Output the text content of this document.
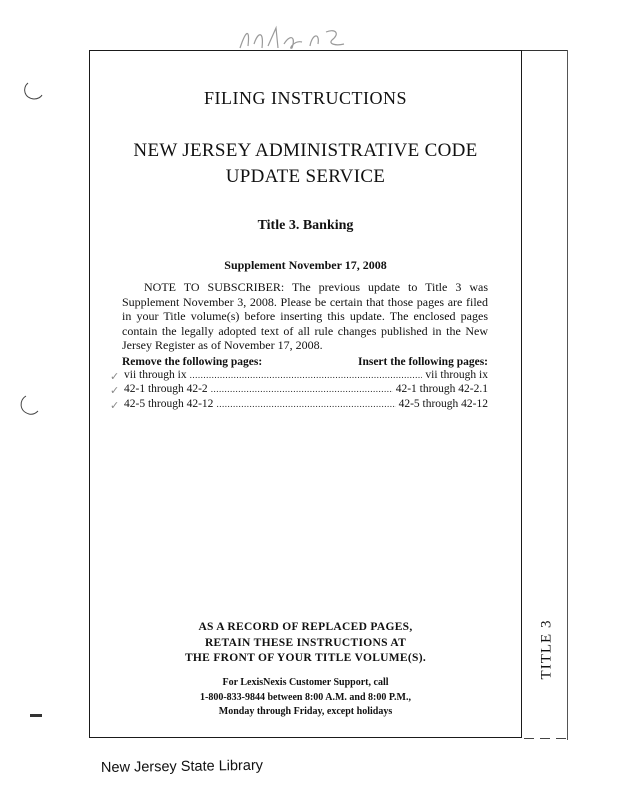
TITLE 3
FILING INSTRUCTIONS
NEW JERSEY ADMINISTRATIVE CODE
UPDATE SERVICE
Title 3. Banking
Supplement November 17, 2008
NOTE TO SUBSCRIBER: The previous update to Title 3 was Supplement November 3, 2008. Please be certain that those pages are filed in your Title volume(s) before inserting this update. The enclosed pages contain the legally adopted text of all rule changes published in the New Jersey Register as of November 17, 2008.
Remove the following pages:	Insert the following pages:
✓ vii through ix .....	vii through ix
✓ 42-1 through 42-2 .....	42-1 through 42-2.1
✓ 42-5 through 42-12 .....	42-5 through 42-12
AS A RECORD OF REPLACED PAGES,
RETAIN THESE INSTRUCTIONS AT
THE FRONT OF YOUR TITLE VOLUME(S).
For LexisNexis Customer Support, call
1-800-833-9844 between 8:00 A.M. and 8:00 P.M.,
Monday through Friday, except holidays
New Jersey State Library
